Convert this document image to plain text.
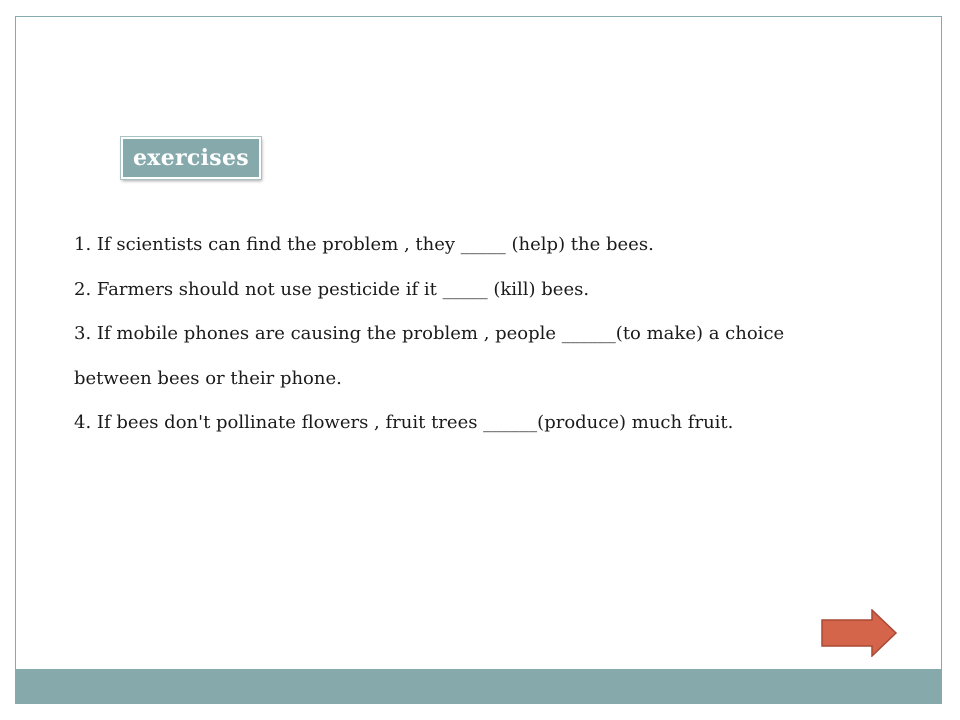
exercises

1. If scientists can find the problem , they _____ (help) the bees.

2. Farmers should not use pesticide if it _____ (kill) bees.

3. If mobile phones are causing the problem , people ______(to make) a choice between bees or their phone.

4. If bees don't pollinate flowers , fruit trees ______(produce) much fruit.
